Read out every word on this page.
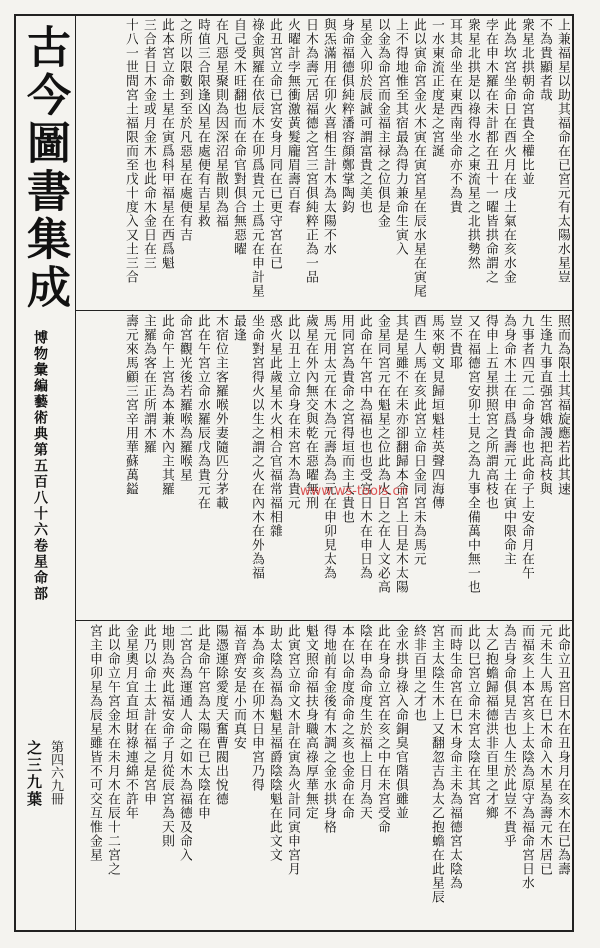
古今圖書集成
博物彙編藝術典第五百八十六卷星命部
之三九葉 第四六九冊
上兼福星以助其福命在已宮元有太陽水星豈
不為貴顯者哉
衆星北拱朝命宮貴全權比並
此為坎宮坐命日在酉火月在戌土氣在亥水金
孛在申木羅在未計都在丑十一曜皆拱命謂之
衆星北拱是以祿得水之東流星之北拱勢然
耳其命坐在東西南坐命亦不為貴
一水東流正度是之宮誕
此以寅命宮金火木寅在寅宮星在辰水星在寅尾
上不得地惟至其宿最為得力兼命生寅入
以金為命宮而金福主禄之位俱是金
星金入卯於辰誠可謂富貴之美也
身命福德俱純粹潘容顔鄭掌陶鈞
與炁滿用在卯火喜相生計木為太陽不水
日木為壽元居福德之宮三宮俱純粹正為一品
火曜計孛無衝激黃髮龐眉壽百春
此丑宮立命已宮安身月同在已更守宮在已
祿金與羅在依辰木在卯爲貴元土爲元在申計星
自己受木旺翻也而在命官對俱合無惡曜
在凡惡星聚則為因深沼星散則為福
時值三合限逢凶星在處便有吉星救
之所以限數到至於凡惡星在處便有吉
此本宮立命土星在寅爲科甲福星在西爲魁
三合者日木金或月金木也此命木金日在三
十八一世間宮土福限而至戊十度入又土三合
照而為限土其福旋應若此其速
生逢九事直强宮娥謾把高枝與
九事者四元二命身命也此命子上安命月在午
為身命木土在申爲貴壽元土在寅中限命主
得申上五星拱照宮之所謂高枝也
又在福德宮安卯土見之為九事全備萬中無一也
豈不貴耶
馬來朝文見歸垣魁桂英聲四海傳
酉生人馬在亥此宮立命日金同宮未為馬元
其是星雖不在未亦卻翻歸本命宮上日是木太陽
金星同宮元在魁星之位此為火日之在人文必高
此命在午宮中為福也也也受宮日木在申日為
用同宮為貴命之宮得垣而主大貴也
馬元用太元在木為元壽為為元在申卯見太為
歲星在外內無交與乾在惡曜無刑
此以丑上立命身在未宮木為貴元
惑火星此歲星木火相合官福常福相雜
坐命對宮得火以生之謂之火在內木在外為福
最逢
木宿位主客羅喉外妻隨匹分茅載
此在午宮立命水羅辰戊為貴元在
命宮觀光後若羅喉為羅喉星
此命午上宮為本兼木內主其羅
主羅為客在正所謂木羅
壽元來馬顧三宮辛用華蘇萬鎰
此命立丑宮日木在丑身月在亥木在已為壽
元未生人馬在巳木命入木星為壽元木居已
而福亥上本宮亥上太陰為原守為福命宮日水
為吉身命俱見吉也人生於此豈不貴乎
太乙抱蟾歸福德洪非百里之才鄉
此以巳宮立命未宮太陰在其宮
而時生命宮在巳木身命主未為福德宮太陰為
宮主太陰生木上又翻忽吉為太乙抱蟾在此星辰
終非百里之才也
金水拱身祿入命銅臭官階俱雖並
此在身命立宮在亥之中在未宮受命
陰在申為命度生於福上日月為天
本在以命度命命之亥也金命在命
得地前有金後有木調之金水拱身格
魁文照命福扶身職高祿厚華無定
此寅宮立命文木計在寅為火計同寅申宮月
助太陰為福為魁星福爵陰陰魁在此文文
本為命亥在卯木日申宮乃得
福音齊安是小而真安
陽憑運除愛度天奮曹閥出悅德
此是命午宮為太陽在已太陰在申
二宮合為運通人命之如木為福德及命入
地則為夾此福安命子月從辰宮為天則
此乃以命土太計在福之是宮申
金星奧月宜直垣財祿連綿不許年
此以命立午宮金木在未月木在辰十二宮之
宮主申卯星為辰星雖皆不可交互惟金星
www.ws-tools.cn
